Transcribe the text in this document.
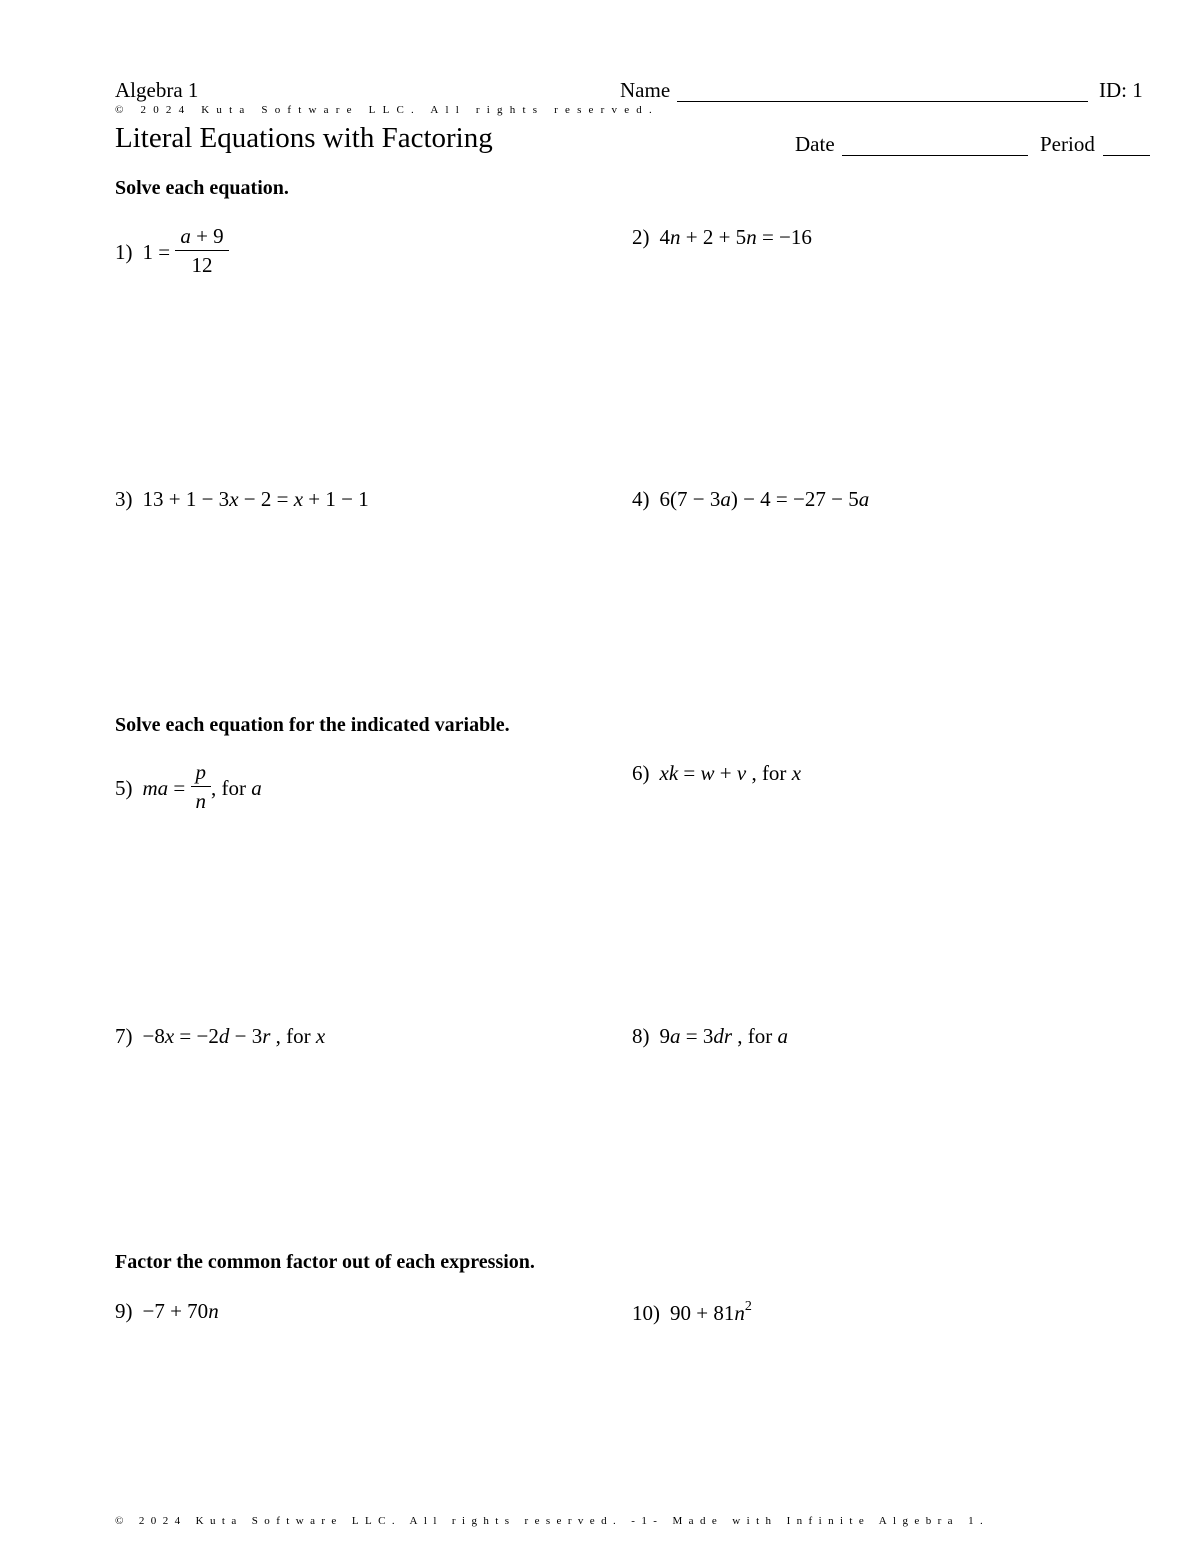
Algebra 1
© 2024 Kuta Software LLC. All rights reserved.
Literal Equations with Factoring
Name	ID: 1
Date	Period
Solve each equation.
1) $1 = \frac{a + 9}{12}$	2) 4n + 2 + 5n = −16
3) 13 + 1 − 3x − 2 = x + 1 − 1	4) 6(7 − 3a) − 4 = −27 − 5a
Solve each equation for the indicated variable.
5) ma = $\frac{p}{n}$ , for a
6) xk = w + v , for x
7) −8x = −2d − 3r , for x	8) 9a = 3dr , for a
Factor the common factor out of each expression.
9) −7 + 70n	10) $90 + 81n^2$
© 2024 Kuta Software LLC. All rights reserved. -1- Made with Infinite Algebra 1.
